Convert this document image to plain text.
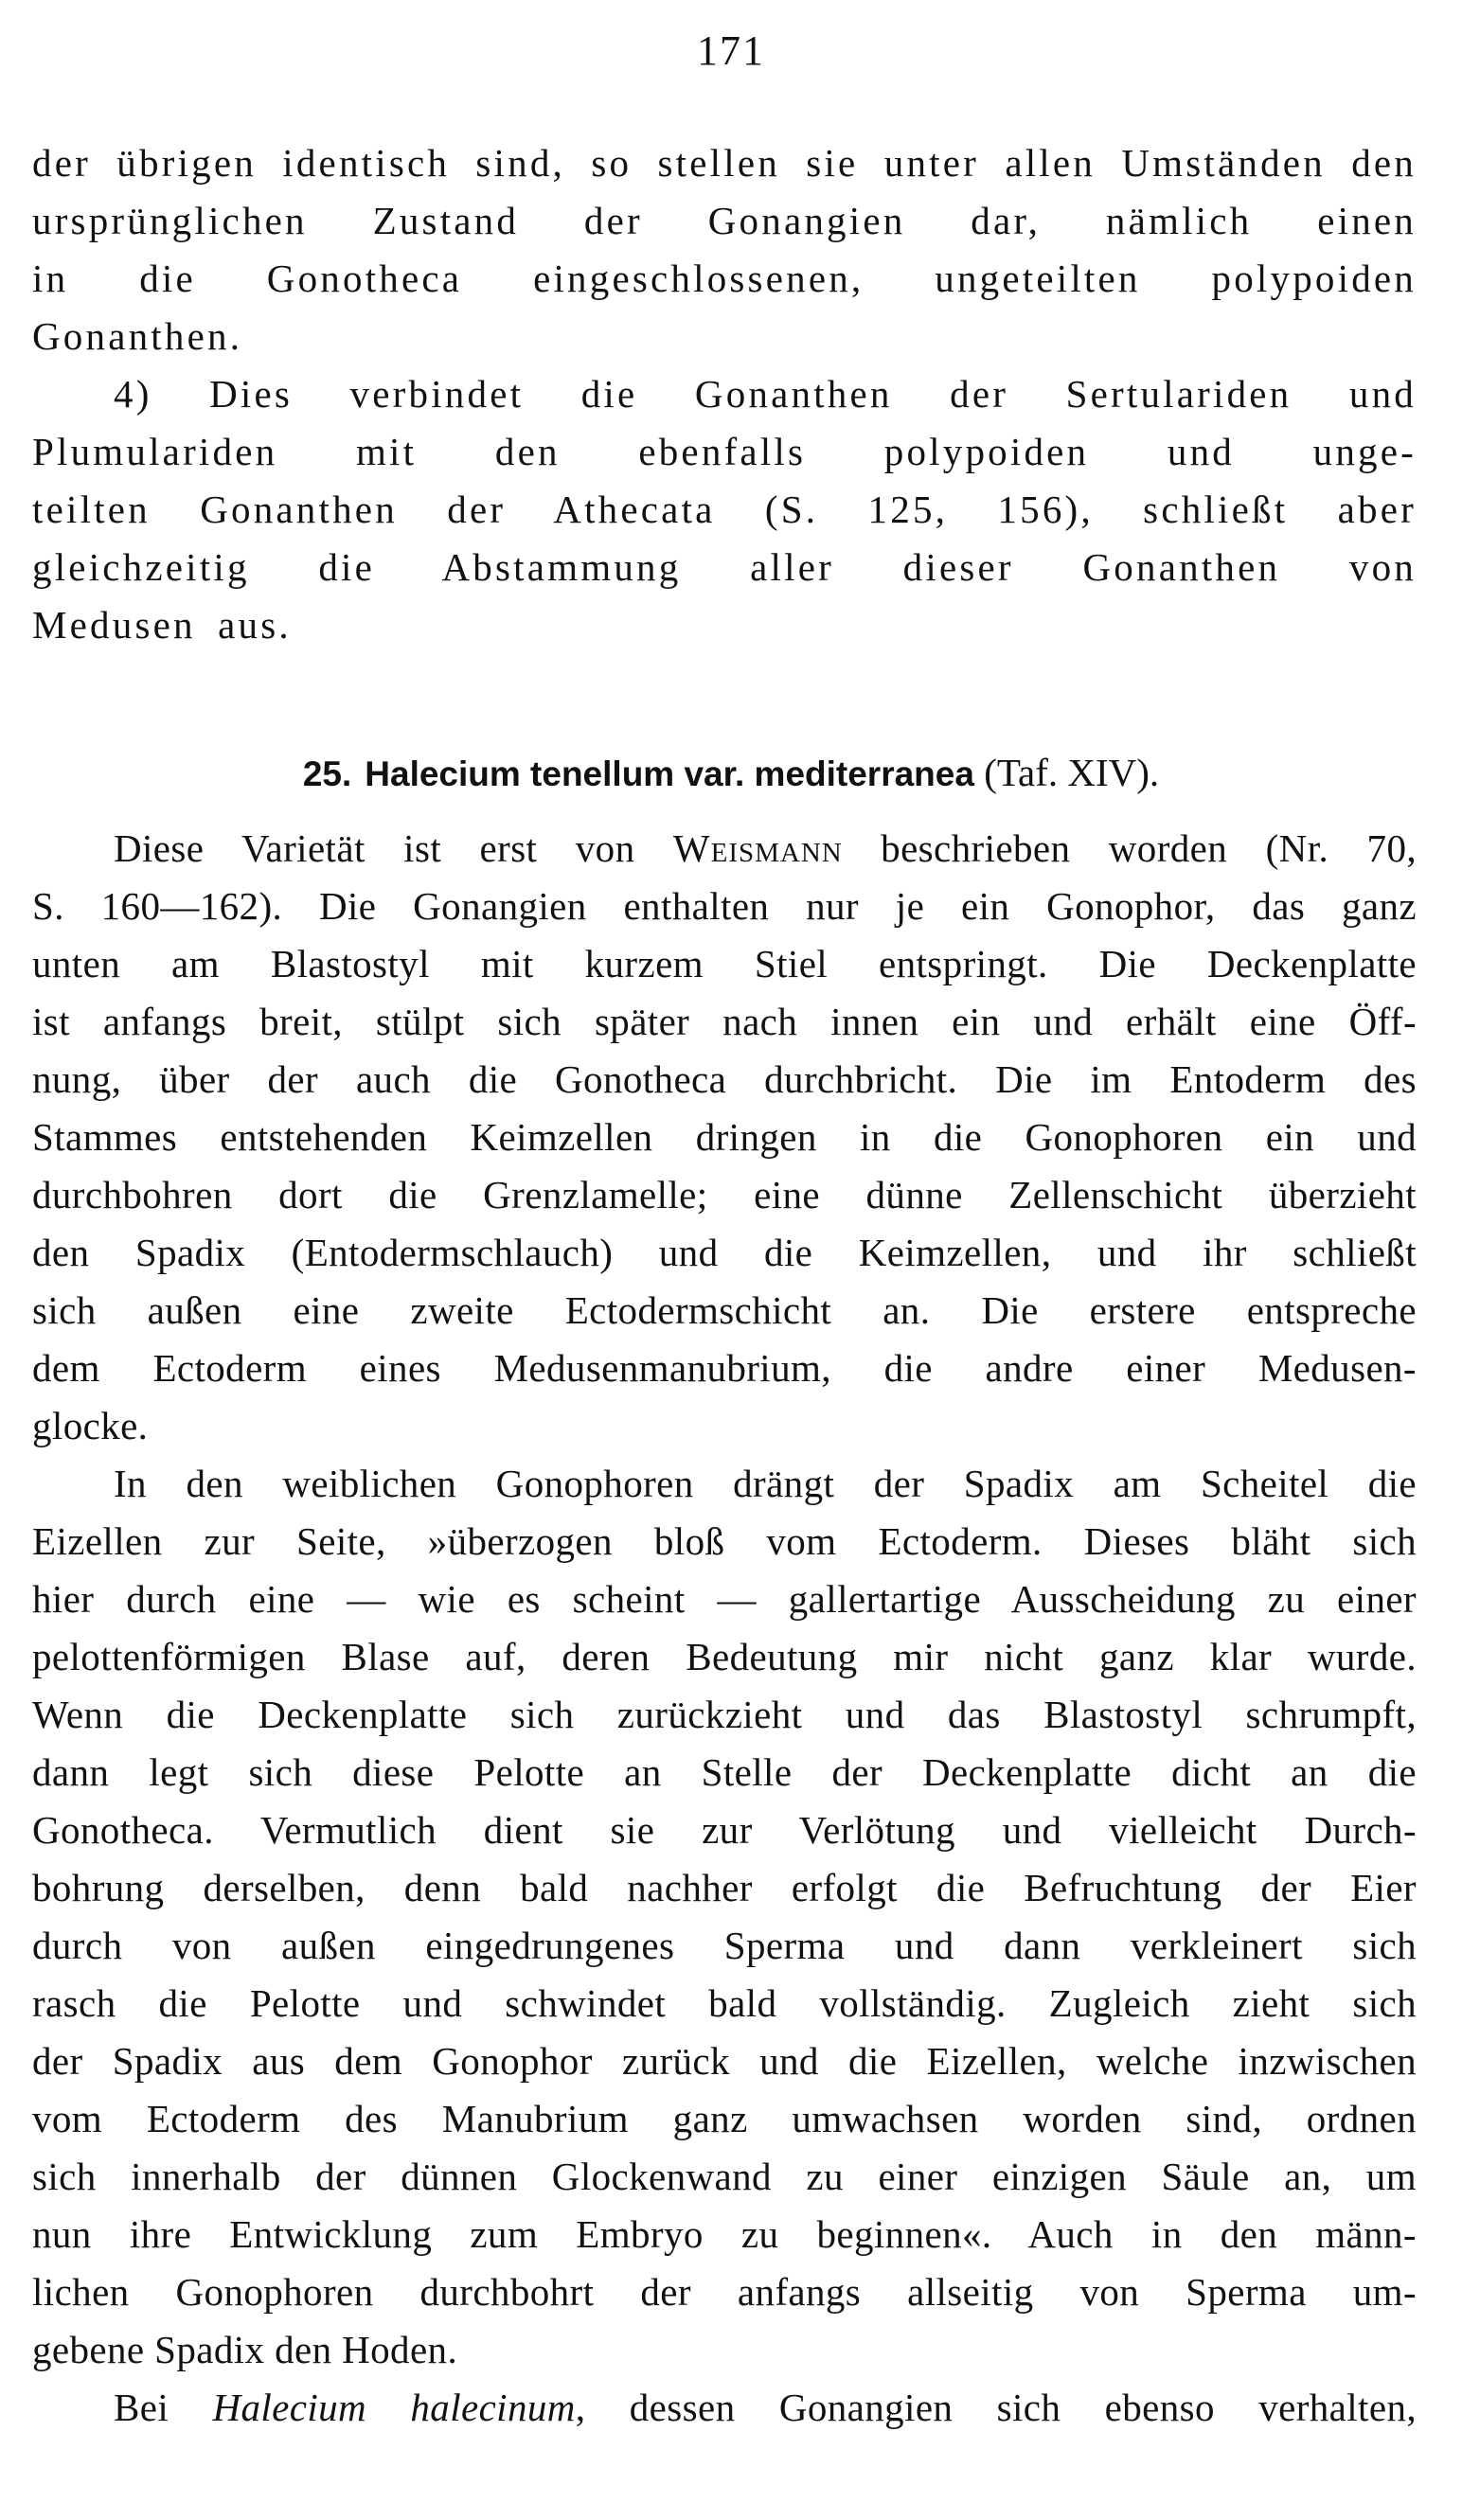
171
der übrigen identisch sind, so stellen sie unter allen Umständen den
ursprünglichen Zustand der Gonangien dar, nämlich einen
in die Gonotheca eingeschlossenen, ungeteilten polypoiden
Gonanthen.
4) Dies verbindet die Gonanthen der Sertulariden und
Plumulariden mit den ebenfalls polypoiden und unge-
teilten Gonanthen der Athecata (S. 125, 156), schließt aber
gleichzeitig die Abstammung aller dieser Gonanthen von
Medusen aus.
25. Halecium tenellum var. mediterranea (Taf. XIV).
Diese Varietät ist erst von Weismann beschrieben worden (Nr. 70,
S. 160—162). Die Gonangien enthalten nur je ein Gonophor, das ganz
unten am Blastostyl mit kurzem Stiel entspringt. Die Deckenplatte
ist anfangs breit, stülpt sich später nach innen ein und erhält eine Öff-
nung, über der auch die Gonotheca durchbricht. Die im Entoderm des
Stammes entstehenden Keimzellen dringen in die Gonophoren ein und
durchbohren dort die Grenzlamelle; eine dünne Zellenschicht überzieht
den Spadix (Entodermschlauch) und die Keimzellen, und ihr schließt
sich außen eine zweite Ectodermschicht an. Die erstere entspreche
dem Ectoderm eines Medusenmanubrium, die andre einer Medusen-
glocke.
In den weiblichen Gonophoren drängt der Spadix am Scheitel die
Eizellen zur Seite, »überzogen bloß vom Ectoderm. Dieses bläht sich
hier durch eine — wie es scheint — gallertartige Ausscheidung zu einer
pelottenförmigen Blase auf, deren Bedeutung mir nicht ganz klar wurde.
Wenn die Deckenplatte sich zurückzieht und das Blastostyl schrumpft,
dann legt sich diese Pelotte an Stelle der Deckenplatte dicht an die
Gonotheca. Vermutlich dient sie zur Verlötung und vielleicht Durch-
bohrung derselben, denn bald nachher erfolgt die Befruchtung der Eier
durch von außen eingedrungenes Sperma und dann verkleinert sich
rasch die Pelotte und schwindet bald vollständig. Zugleich zieht sich
der Spadix aus dem Gonophor zurück und die Eizellen, welche inzwischen
vom Ectoderm des Manubrium ganz umwachsen worden sind, ordnen
sich innerhalb der dünnen Glockenwand zu einer einzigen Säule an, um
nun ihre Entwicklung zum Embryo zu beginnen«. Auch in den männ-
lichen Gonophoren durchbohrt der anfangs allseitig von Sperma um-
gebene Spadix den Hoden.
Bei Halecium halecinum, dessen Gonangien sich ebenso verhalten,
